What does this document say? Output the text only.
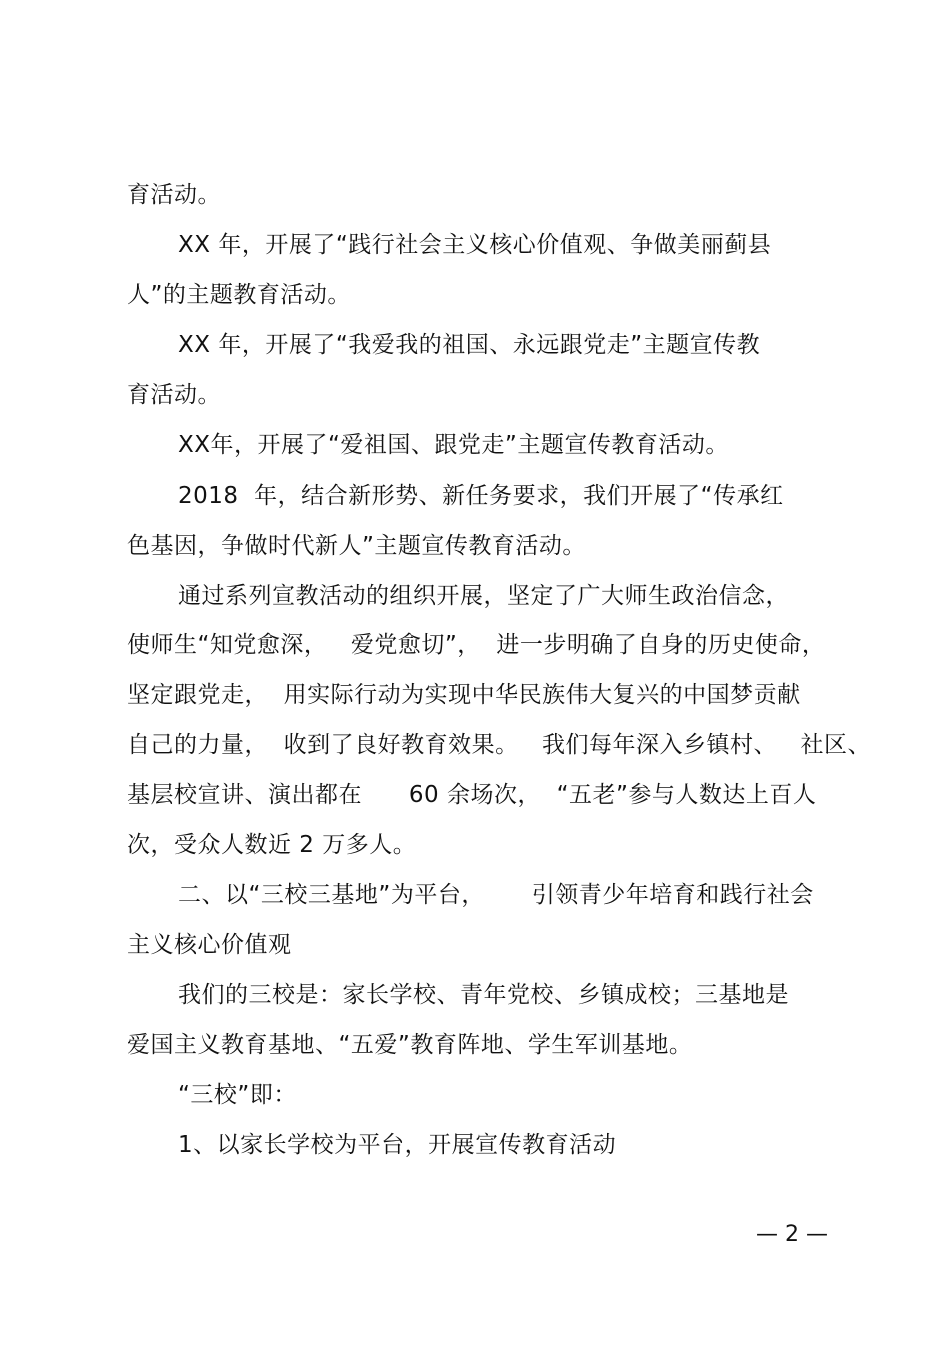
育活动。
XX 年，开展了“践行社会主义核心价值观、争做美丽蓟县
人”的主题教育活动。
XX 年，开展了“我爱我的祖国、永远跟党走”主题宣传教
育活动。
XX年，开展了“爱祖国、跟党走”主题宣传教育活动。
2018  年，结合新形势、新任务要求，我们开展了“传承红
色基因，争做时代新人”主题宣传教育活动。
通过系列宣教活动的组织开展，坚定了广大师生政治信念，
使师生“知党愈深，   爱党愈切”，  进一步明确了自身的历史使命，
坚定跟党走，  用实际行动为实现中华民族伟大复兴的中国梦贡献
自己的力量，  收到了良好教育效果。   我们每年深入乡镇村、   社区、
基层校宣讲、演出都在      60 余场次，  “五老”参与人数达上百人
次，受众人数近 2 万多人。
二、以“三校三基地”为平台，      引领青少年培育和践行社会
主义核心价值观
我们的三校是：家长学校、青年党校、乡镇成校；三基地是
爱国主义教育基地、“五爱”教育阵地、学生军训基地。
“三校”即：
1、以家长学校为平台，开展宣传教育活动
— 2 —
